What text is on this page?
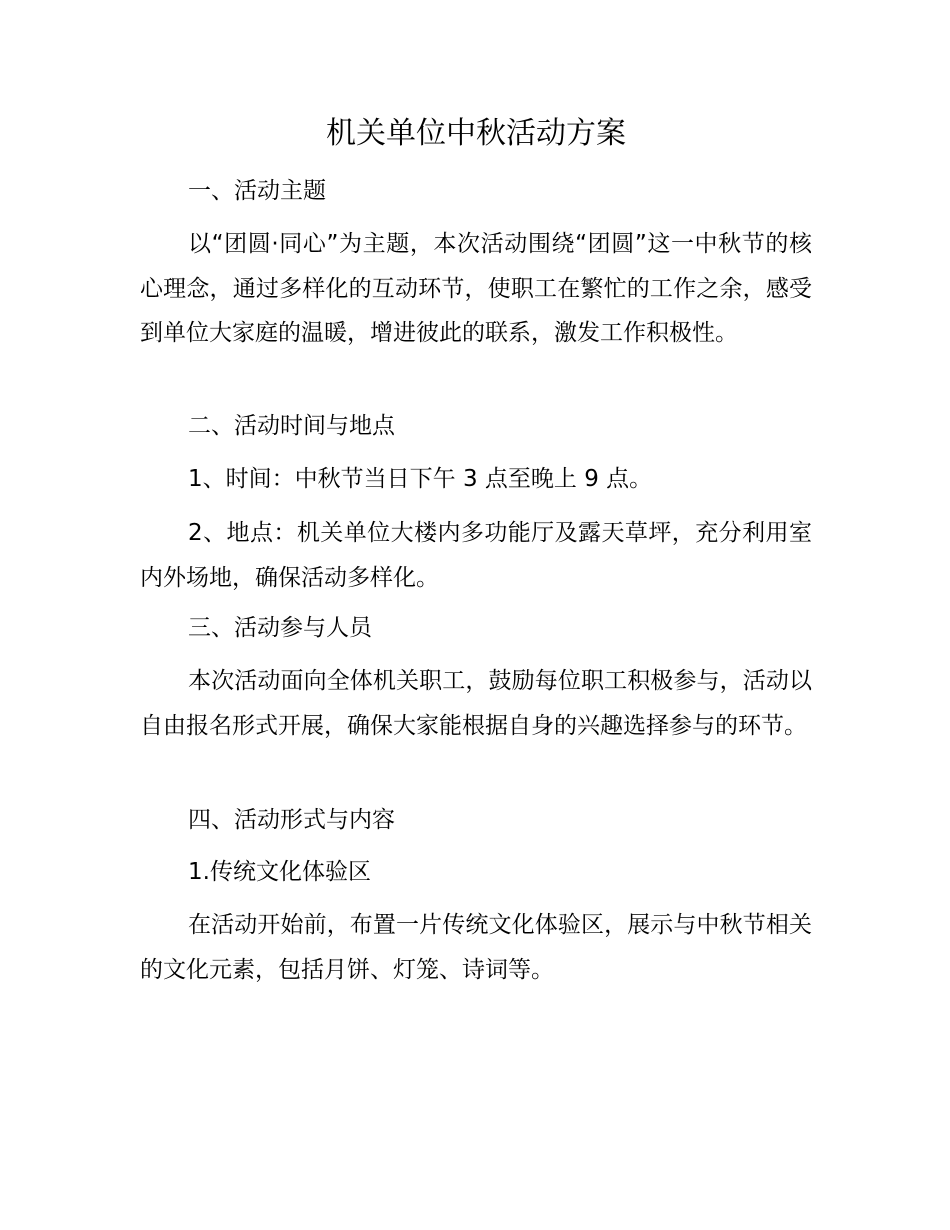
机关单位中秋活动方案
一、活动主题

以“团圆·同心”为主题，本次活动围绕“团圆”这一中秋节的核心理念，通过多样化的互动环节，使职工在繁忙的工作之余，感受到单位大家庭的温暖，增进彼此的联系，激发工作积极性。

二、活动时间与地点

1、时间：中秋节当日下午 3 点至晚上 9 点。

2、地点：机关单位大楼内多功能厅及露天草坪，充分利用室内外场地，确保活动多样化。

三、活动参与人员

本次活动面向全体机关职工，鼓励每位职工积极参与，活动以自由报名形式开展，确保大家能根据自身的兴趣选择参与的环节。

四、活动形式与内容
1.传统文化体验区

在活动开始前，布置一片传统文化体验区，展示与中秋节相关的文化元素，包括月饼、灯笼、诗词等。
